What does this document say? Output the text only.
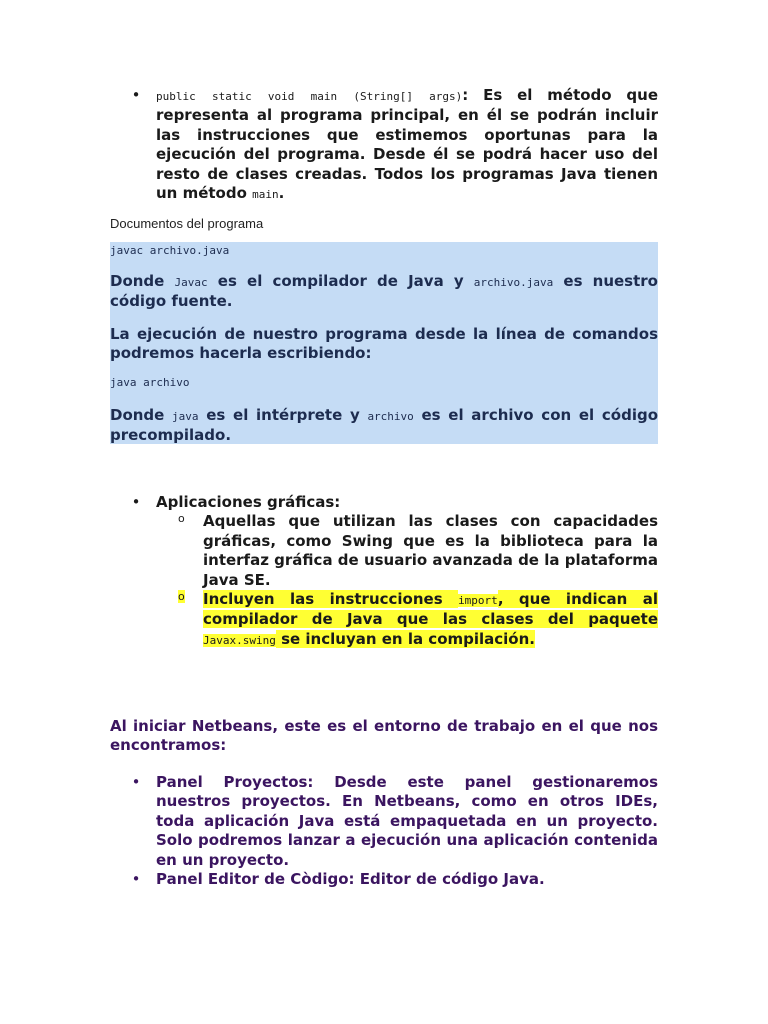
• public static void main (String[] args): Es el método que representa al programa principal, en él se podrán incluir las instrucciones que estimemos oportunas para la ejecución del programa. Desde él se podrá hacer uso del resto de clases creadas. Todos los programas Java tienen un método main.
Documentos del programa
javac archivo.java
Donde Javac es el compilador de Java y archivo.java es nuestro código fuente.
La ejecución de nuestro programa desde la línea de comandos podremos hacerla escribiendo:
java archivo
Donde java es el intérprete y archivo es el archivo con el código precompilado.
• Aplicaciones gráficas:
o Aquellas que utilizan las clases con capacidades gráficas, como Swing que es la biblioteca para la interfaz gráfica de usuario avanzada de la plataforma Java SE.
o Incluyen las instrucciones import, que indican al compilador de Java que las clases del paquete Javax.swing se incluyan en la compilación.
Al iniciar Netbeans, este es el entorno de trabajo en el que nos encontramos:
• Panel Proyectos: Desde este panel gestionaremos nuestros proyectos. En Netbeans, como en otros IDEs, toda aplicación Java está empaquetada en un proyecto. Solo podremos lanzar a ejecución una aplicación contenida en un proyecto.
• Panel Editor de Còdigo: Editor de código Java.
